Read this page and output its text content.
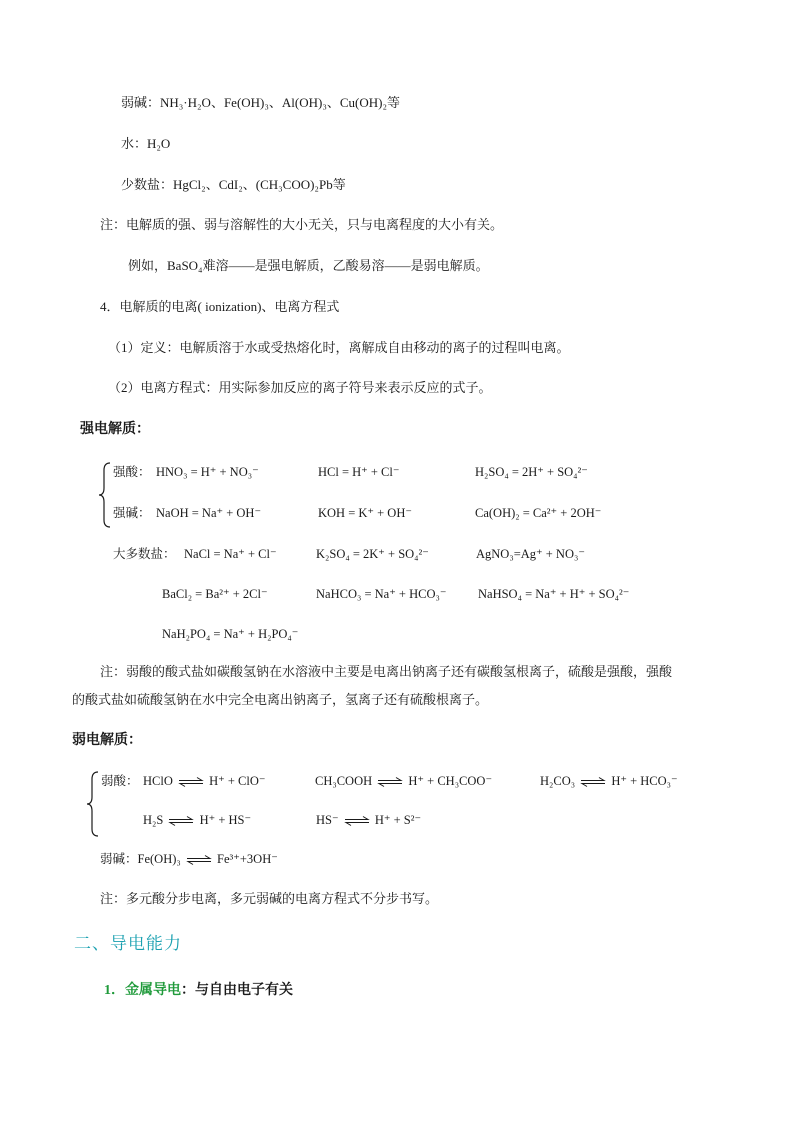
弱碱：NH₃·H₂O、Fe(OH)₃、Al(OH)₃、Cu(OH)₂等
水：H₂O
少数盐：HgCl₂、CdI₂、(CH₃COO)₂Pb等
注：电解质的强、弱与溶解性的大小无关，只与电离程度的大小有关。
例如，BaSO₄难溶——是强电解质，乙酸易溶——是弱电解质。
4．电解质的电离( ionization)、电离方程式
（1）定义：电解质溶于水或受热熔化时，离解成自由移动的离子的过程叫电离。
（2）电离方程式：用实际参加反应的离子符号来表示反应的式子。
强电解质：
强酸： HNO₃ = H⁺ + NO₃⁻	HCl = H⁺ + Cl⁻	H₂SO₄ = 2H⁺ + SO₄²⁻
强碱： NaOH = Na⁺ + OH⁻	KOH = K⁺ + OH⁻	Ca(OH)₂ = Ca²⁺ + 2OH⁻
大多数盐： NaCl = Na⁺ + Cl⁻	K₂SO₄ = 2K⁺ + SO₄²⁻	AgNO₃=Ag⁺ + NO₃⁻
BaCl₂ = Ba²⁺ + 2Cl⁻	NaHCO₃ = Na⁺ + HCO₃⁻	NaHSO₄ = Na⁺ + H⁺ + SO₄²⁻
NaH₂PO₄ = Na⁺ + H₂PO₄⁻
注：弱酸的酸式盐如碳酸氢钠在水溶液中主要是电离出钠离子还有碳酸氢根离子，硫酸是强酸，强酸
的酸式盐如硫酸氢钠在水中完全电离出钠离子，氢离子还有硫酸根离子。
弱电解质：
弱酸： HClO ⇌ H⁺ + ClO⁻	CH₃COOH ⇌ H⁺ + CH₃COO⁻	H₂CO₃ ⇌ H⁺ + HCO₃⁻
H₂S ⇌ H⁺ + HS⁻	HS⁻ ⇌ H⁺ + S²⁻
弱碱：Fe(OH)₃ ⇌ Fe³⁺+3OH⁻
注：多元酸分步电离，多元弱碱的电离方程式不分步书写。
二、导电能力
1．金属导电：与自由电子有关
